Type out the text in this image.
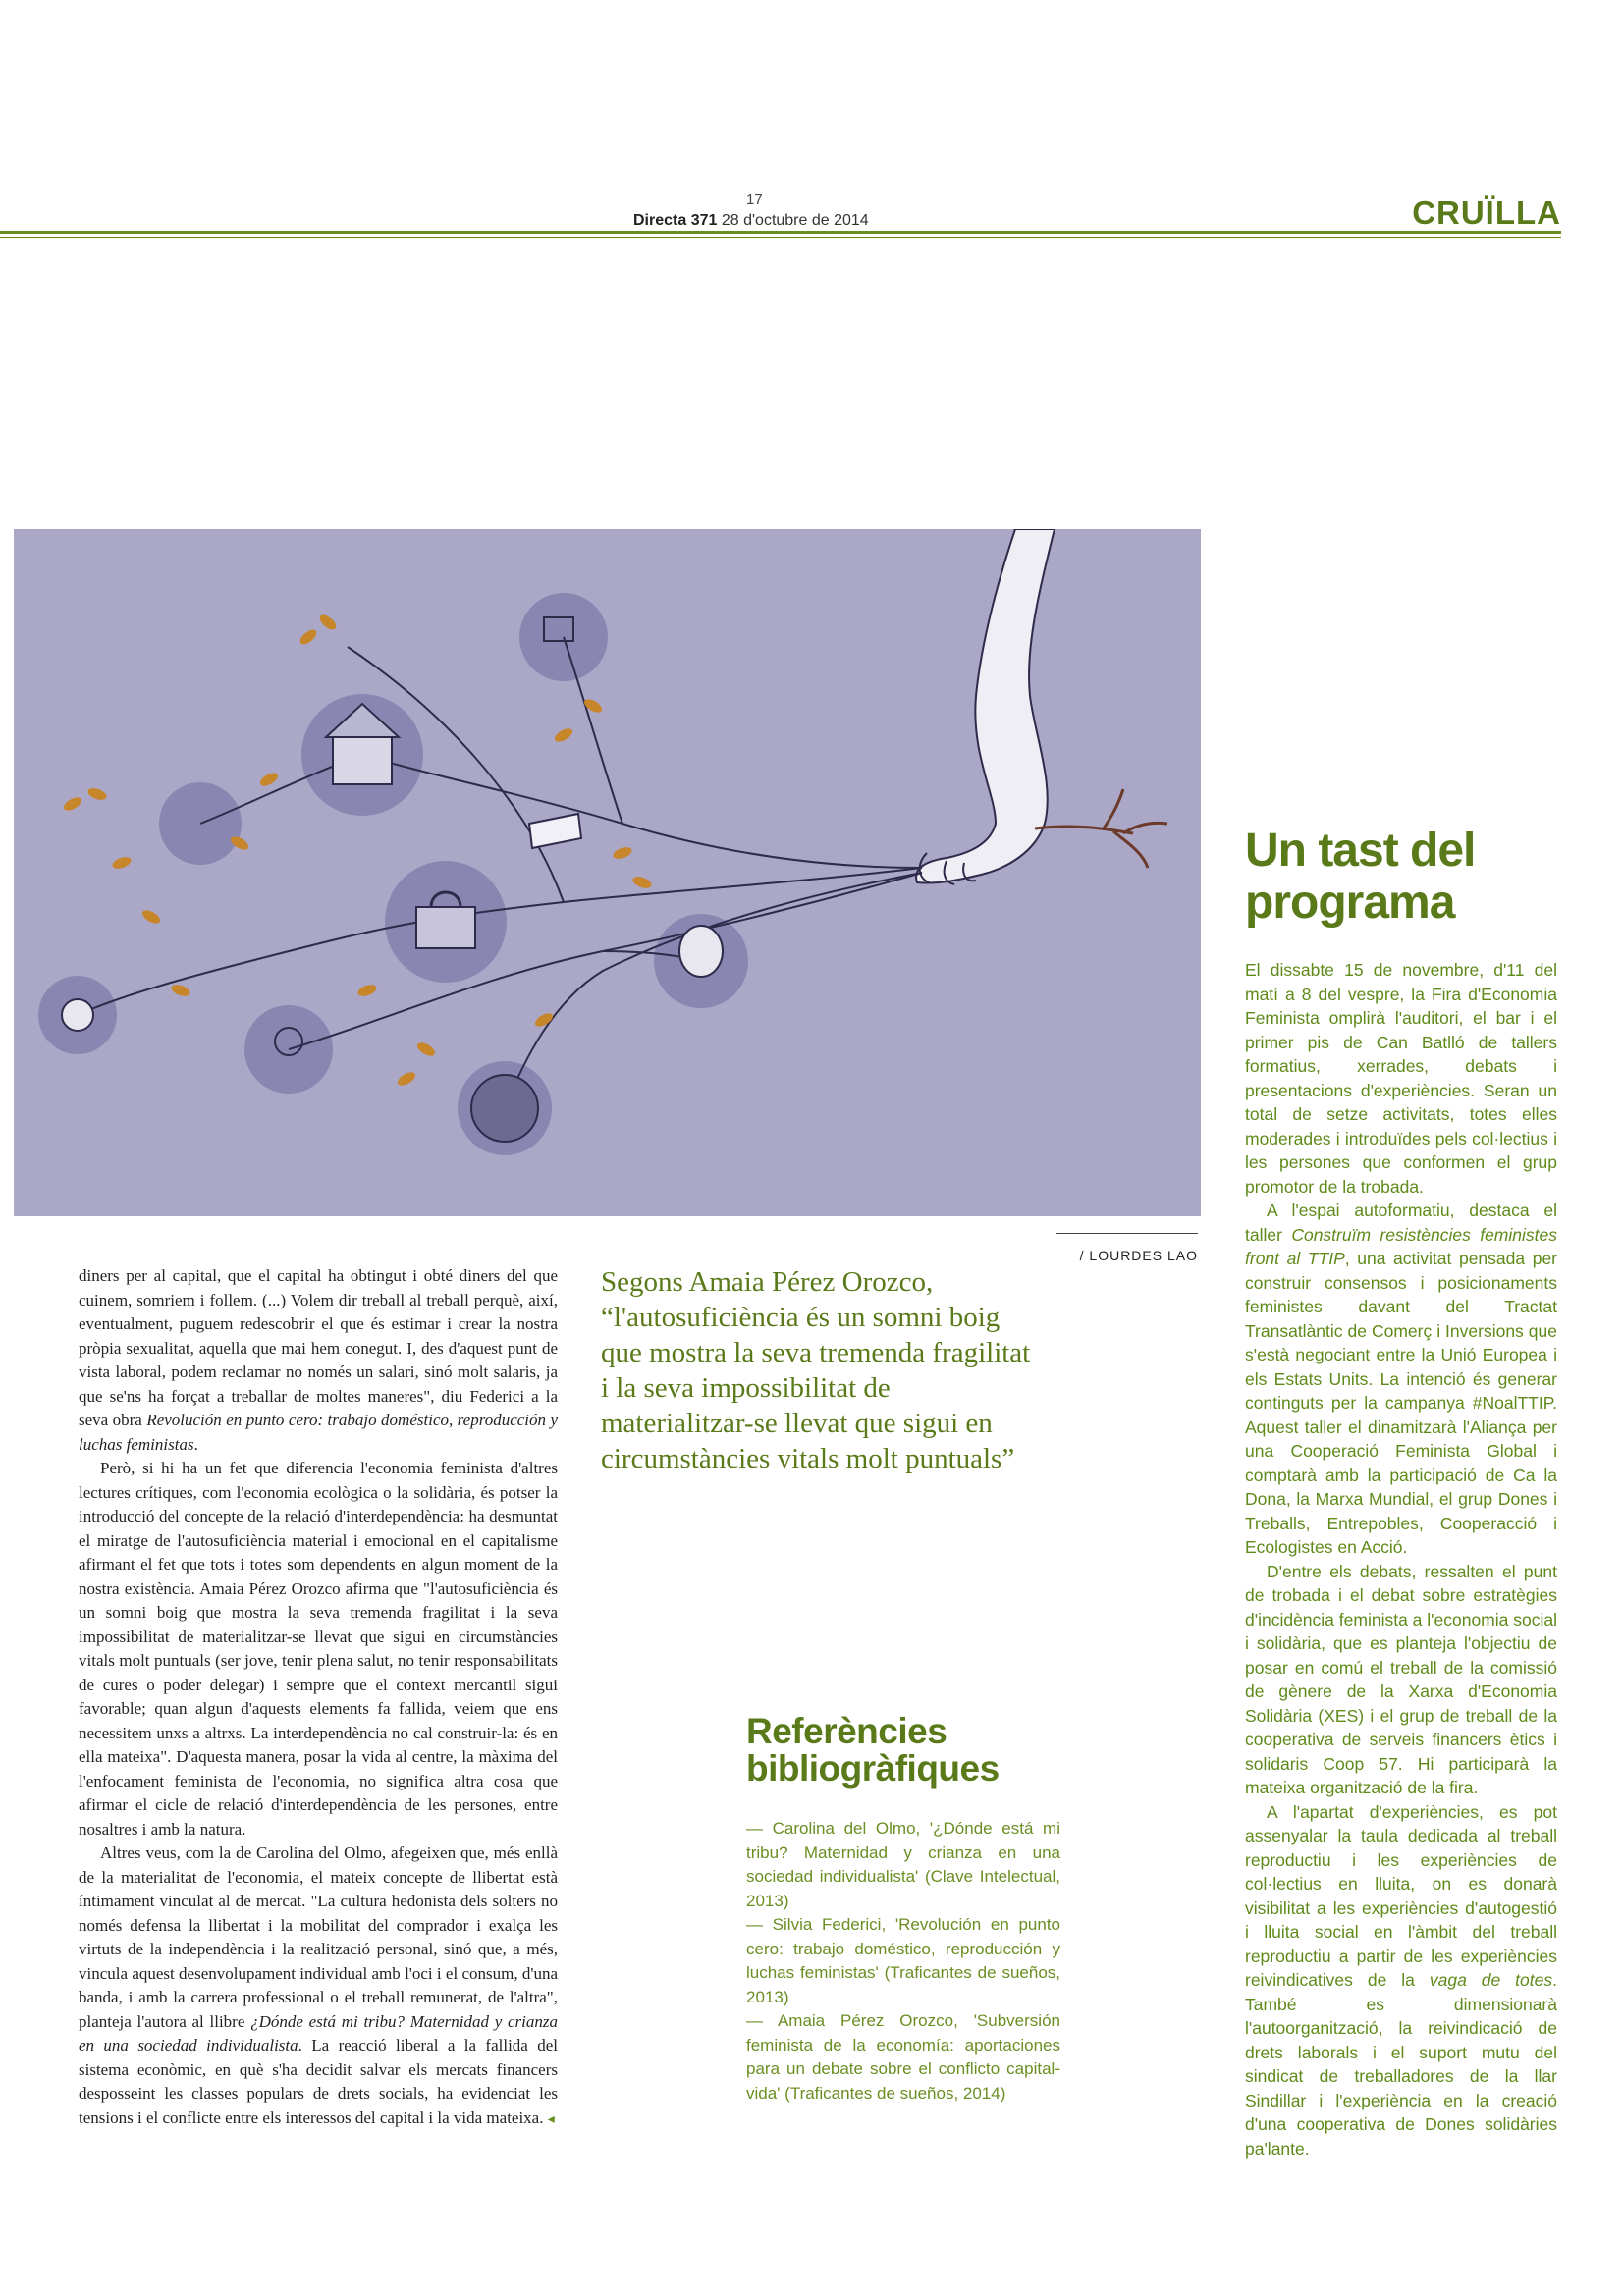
17
Directa 371 28 d'octubre de 2014	CRUÏLLA
/ LOURDES LAO

diners per al capital, que el capital ha obtingut i obté diners del que cuinem, somriem i follem. (...) Volem dir treball al treball perquè, així, eventualment, puguem redescobrir el que és estimar i crear la nostra pròpia sexualitat, aquella que mai hem conegut. I, des d'aquest punt de vista laboral, podem reclamar no només un salari, sinó molt salaris, ja que se'ns ha forçat a treballar de moltes maneres", diu Federici a la seva obra Revolución en punto cero: trabajo doméstico, reproducción y luchas feministas.

Però, si hi ha un fet que diferencia l'economia feminista d'altres lectures crítiques, com l'economia ecològica o la solidària, és potser la introducció del concepte de la relació d'interdependència: ha desmuntat el miratge de l'autosuficiència material i emocional en el capitalisme afirmant el fet que tots i totes som dependents en algun moment de la nostra existència. Amaia Pérez Orozco afirma que "l'autosuficiència és un somni boig que mostra la seva tremenda fragilitat i la seva impossibilitat de materialitzar-se llevat que sigui en circumstàncies vitals molt puntuals (ser jove, tenir plena salut, no tenir responsabilitats de cures o poder delegar) i sempre que el context mercantil sigui favorable; quan algun d'aquests elements fa fallida, veiem que ens necessitem unxs a altrxs. La interdependència no cal construir-la: és en ella mateixa". D'aquesta manera, posar la vida al centre, la màxima del l'enfocament feminista de l'economia, no significa altra cosa que afirmar el cicle de relació d'interdependència de les persones, entre nosaltres i amb la natura.

Altres veus, com la de Carolina del Olmo, afegeixen que, més enllà de la materialitat de l'economia, el mateix concepte de llibertat està íntimament vinculat al de mercat. "La cultura hedonista dels solters no només defensa la llibertat i la mobilitat del comprador i exalça les virtuts de la independència i la realització personal, sinó que, a més, vincula aquest desenvolupament individual amb l'oci i el consum, d'una banda, i amb la carrera professional o el treball remunerat, de l'altra", planteja l'autora al llibre ¿Dónde está mi tribu? Maternidad y crianza en una sociedad individualista. La reacció liberal a la fallida del sistema econòmic, en què s'ha decidit salvar els mercats financers desposseint les classes populars de drets socials, ha evidenciat les tensions i el conflicte entre els interessos del capital i la vida mateixa. ◂

Segons Amaia Pérez Orozco, “l'autosuficiència és un somni boig que mostra la seva tremenda fragilitat i la seva impossibilitat de materialitzar-se llevat que sigui en circumstàncies vitals molt puntuals”
Referències bibliogràfiques
— Carolina del Olmo, '¿Dónde está mi tribu? Maternidad y crianza en una sociedad individualista' (Clave Intelectual, 2013)
— Silvia Federici, 'Revolución en punto cero: trabajo doméstico, reproducción y luchas feministas' (Traficantes de sueños, 2013)
— Amaia Pérez Orozco, 'Subversión feminista de la economía: aportaciones para un debate sobre el conflicto capital-vida' (Traficantes de sueños, 2014)
Un tast del programa

El dissabte 15 de novembre, d'11 del matí a 8 del vespre, la Fira d'Economia Feminista omplirà l'auditori, el bar i el primer pis de Can Batlló de tallers formatius, xerrades, debats i presentacions d'experiències. Seran un total de setze activitats, totes elles moderades i introduïdes pels col·lectius i les persones que conformen el grup promotor de la trobada.

A l'espai autoformatiu, destaca el taller Construïm resistències feministes front al TTIP, una activitat pensada per construir consensos i posicionaments feministes davant del Tractat Transatlàntic de Comerç i Inversions que s'està negociant entre la Unió Europea i els Estats Units. La intenció és generar continguts per la campanya #NoalTTIP. Aquest taller el dinamitzarà l'Aliança per una Cooperació Feminista Global i comptarà amb la participació de Ca la Dona, la Marxa Mundial, el grup Dones i Treballs, Entrepobles, Cooperacció i Ecologistes en Acció.

D'entre els debats, ressalten el punt de trobada i el debat sobre estratègies d'incidència feminista a l'economia social i solidària, que es planteja l'objectiu de posar en comú el treball de la comissió de gènere de la Xarxa d'Economia Solidària (XES) i el grup de treball de la cooperativa de serveis financers ètics i solidaris Coop 57. Hi participarà la mateixa organització de la fira.

A l'apartat d'experiències, es pot assenyalar la taula dedicada al treball reproductiu i les experiències de col·lectius en lluita, on es donarà visibilitat a les experiències d'autogestió i lluita social en l'àmbit del treball reproductiu a partir de les experiències reivindicatives de la vaga de totes. També es dimensionarà l'autoorganització, la reivindicació de drets laborals i el suport mutu del sindicat de treballadores de la llar Sindillar i l'experiència en la creació d'una cooperativa de Dones solidàries pa'lante.
